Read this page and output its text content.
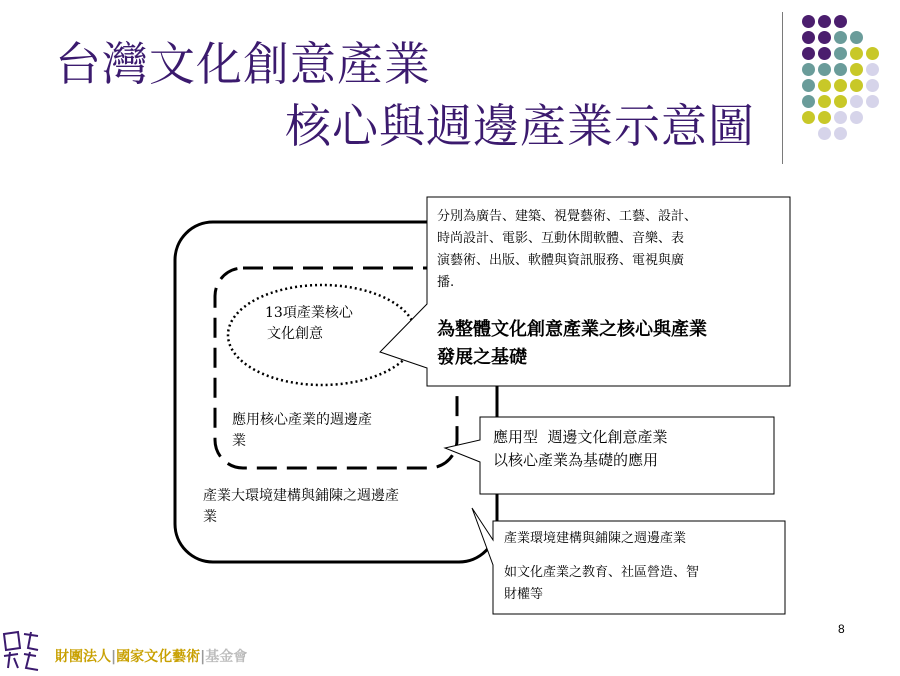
台灣文化創意產業
核心與週邊產業示意圖
13項產業核心
文化創意
應用核心產業的週邊產
業
產業大環境建構與鋪陳之週邊產
業
分別為廣告、建築、視覺藝術、工藝、設計、
時尚設計、電影、互動休閒軟體、音樂、表
演藝術、出版、軟體與資訊服務、電視與廣
播.
為整體文化創意產業之核心與產業
發展之基礎
應用型  週邊文化創意產業
以核心產業為基礎的應用
產業環境建構與鋪陳之週邊產業
如文化產業之教育、社區營造、智
財權等
8
財團法人|國家文化藝術|基金會
